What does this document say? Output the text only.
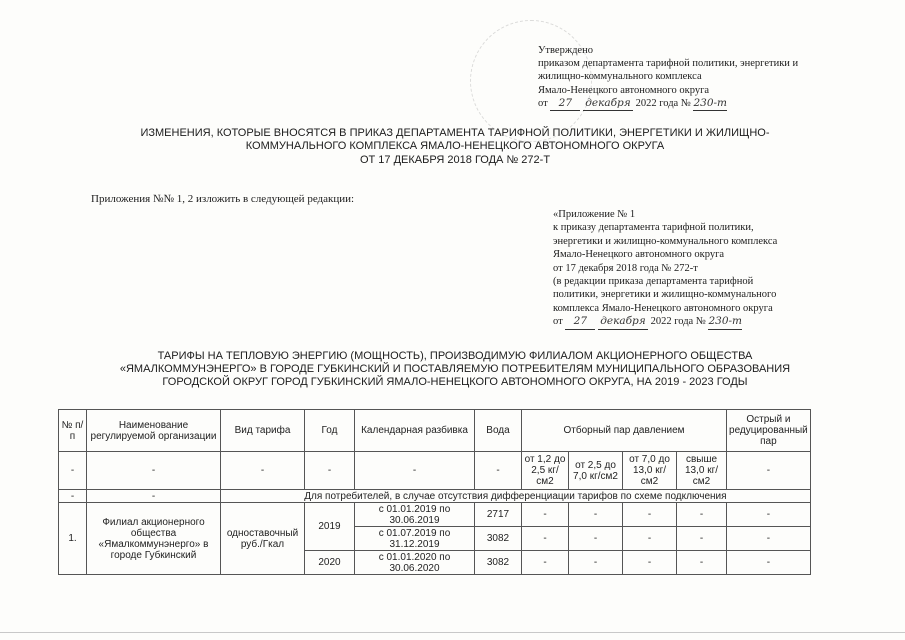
Утверждено
приказом департамента тарифной политики, энергетики и
жилищно-коммунального комплекса
Ямало-Ненецкого автономного округа
от 27 декабря 2022 года № 230-т
ИЗМЕНЕНИЯ, КОТОРЫЕ ВНОСЯТСЯ В ПРИКАЗ ДЕПАРТАМЕНТА ТАРИФНОЙ ПОЛИТИКИ, ЭНЕРГЕТИКИ И ЖИЛИЩНО-
КОММУНАЛЬНОГО КОМПЛЕКСА ЯМАЛО-НЕНЕЦКОГО АВТОНОМНОГО ОКРУГА
ОТ 17 ДЕКАБРЯ 2018 ГОДА № 272-Т
Приложения №№ 1, 2 изложить в следующей редакции:
«Приложение № 1
к приказу департамента тарифной политики,
энергетики и жилищно-коммунального комплекса
Ямало-Ненецкого автономного округа
от 17 декабря 2018 года № 272-т
(в редакции приказа департамента тарифной
политики, энергетики и жилищно-коммунального
комплекса Ямало-Ненецкого автономного округа
от 27 декабря 2022 года № 230-т
ТАРИФЫ НА ТЕПЛОВУЮ ЭНЕРГИЮ (МОЩНОСТЬ), ПРОИЗВОДИМУЮ ФИЛИАЛОМ АКЦИОНЕРНОГО ОБЩЕСТВА
«ЯМАЛКОММУНЭНЕРГО» В ГОРОДЕ ГУБКИНСКИЙ И ПОСТАВЛЯЕМУЮ ПОТРЕБИТЕЛЯМ МУНИЦИПАЛЬНОГО ОБРАЗОВАНИЯ
ГОРОДСКОЙ ОКРУГ ГОРОД ГУБКИНСКИЙ ЯМАЛО-НЕНЕЦКОГО АВТОНОМНОГО ОКРУГА, НА 2019 - 2023 ГОДЫ
№ п/п	Наименование регулируемой организации	Вид тарифа	Год	Календарная разбивка	Вода	Отборный пар давлением				Острый и редуцированный пар
-	-	-	-	-	-	от 1,2 до 2,5 кг/см2	от 2,5 до 7,0 кг/см2	от 7,0 до 13,0 кг/см2	свыше 13,0 кг/см2	-
-	-	Для потребителей, в случае отсутствия дифференциации тарифов по схеме подключения								
1.	Филиал акционерного общества «Ямалкоммунэнерго» в городе Губкинский	одноставочный руб./Гкал	2019	с 01.01.2019 по 30.06.2019	2717	-	-	-	-	-
				с 01.07.2019 по 31.12.2019	3082	-	-	-	-	-
			2020	с 01.01.2020 по 30.06.2020	3082	-	-	-	-	-
